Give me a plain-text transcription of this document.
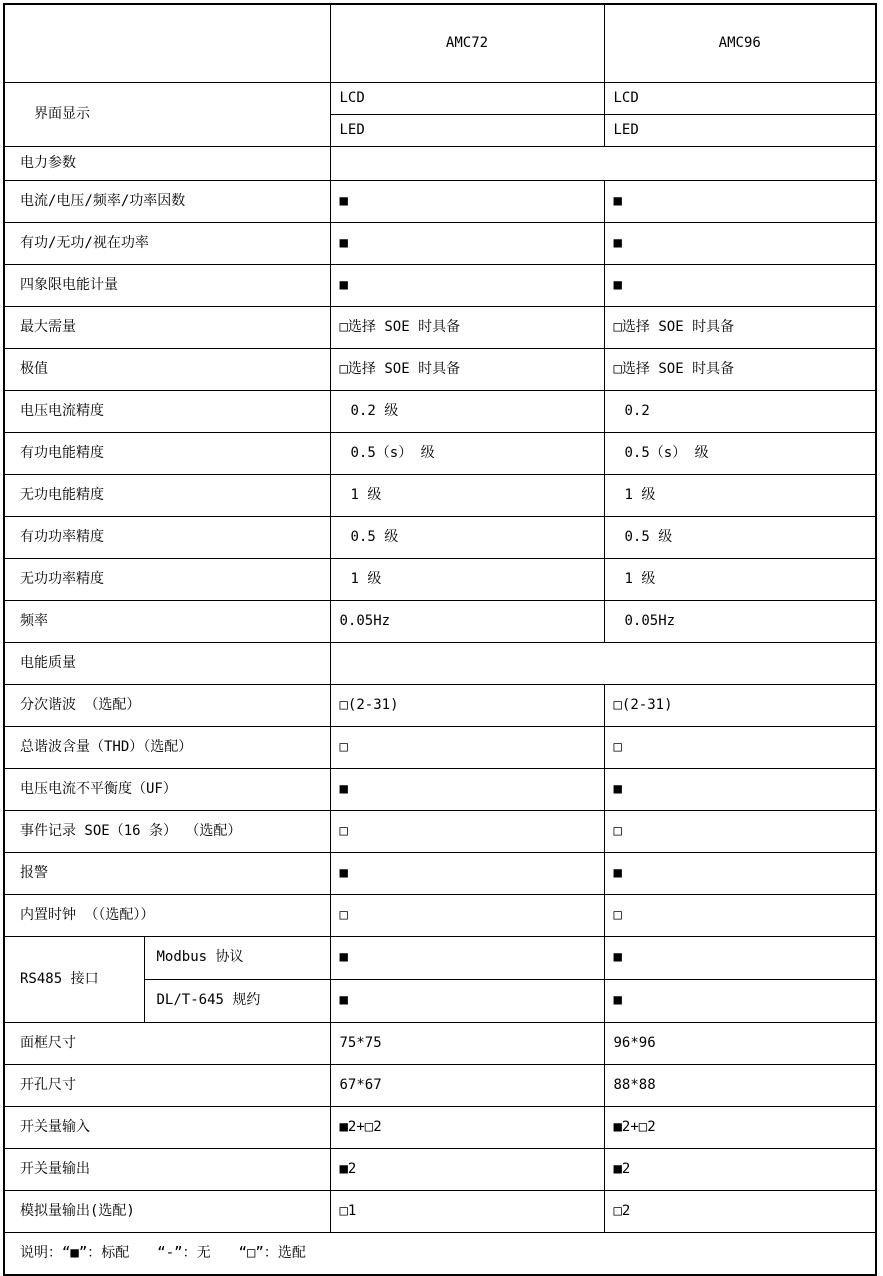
		AMC72	AMC96
界面显示		LCD	LCD
		LED	LED
电力参数			
电流/电压/频率/功率因数		■	■
有功/无功/视在功率		■	■
四象限电能计量		■	■
最大需量		□选择 SOE 时具备	□选择 SOE 时具备
极值		□选择 SOE 时具备	□选择 SOE 时具备
电压电流精度		0.2 级	0.2
有功电能精度		0.5（s） 级	0.5（s） 级
无功电能精度		1 级	1 级
有功功率精度		0.5 级	0.5 级
无功功率精度		1 级	1 级
频率		0.05Hz	0.05Hz
电能质量			
分次谐波 （选配）		□(2-31)	□(2-31)
总谐波含量（THD）（选配）		□	□
电压电流不平衡度（UF）		■	■
事件记录 SOE（16 条） （选配）		□	□
报警		■	■
内置时钟 （（选配））		□	□
RS485 接口	Modbus 协议	■	■
	DL/T-645 规约	■	■
面框尺寸		75*75	96*96
开孔尺寸		67*67	88*88
开关量输入		■2+□2	■2+□2
开关量输出		■2	■2
模拟量输出(选配)		□1	□2
说明：“■”：标配　　“-”：无　　“□”：选配			
